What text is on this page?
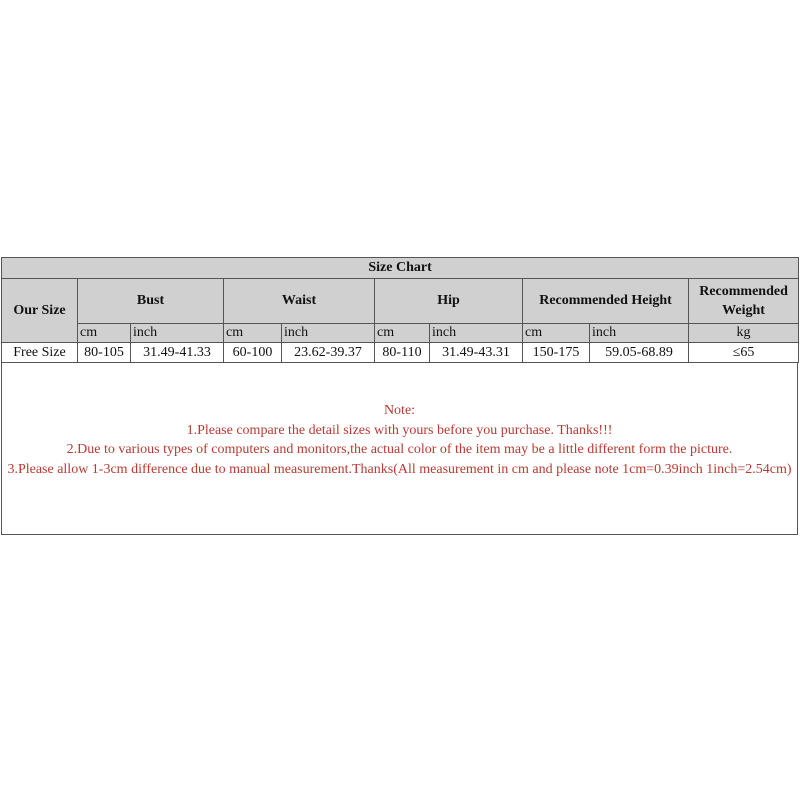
Size Chart									
Our Size	Bust		Waist		Hip		Recommended Height		Recommended Weight
	cm	inch	cm	inch	cm	inch	cm	inch	kg
Free Size	80-105	31.49-41.33	60-100	23.62-39.37	80-110	31.49-43.31	150-175	59.05-68.89	≤65
Note:
1.Please compare the detail sizes with yours before you purchase. Thanks!!!
2.Due to various types of computers and monitors,the actual color of the item may be a little different form the picture.
3.Please allow 1-3cm difference due to manual measurement.Thanks(All measurement in cm and please note 1cm=0.39inch 1inch=2.54cm)
